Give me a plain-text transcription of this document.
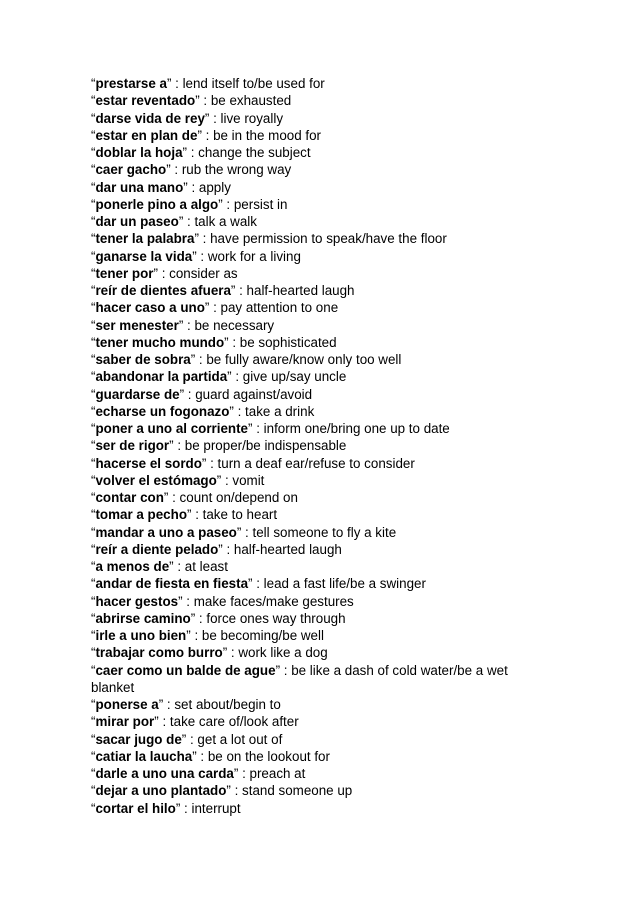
“prestarse a” : lend itself to/be used for

“estar reventado” : be exhausted

“darse vida de rey” : live royally

“estar en plan de” : be in the mood for

“doblar la hoja” : change the subject

“caer gacho” : rub the wrong way

“dar una mano” : apply

“ponerle pino a algo” : persist in

“dar un paseo” : talk a walk

“tener la palabra” : have permission to speak/have the floor

“ganarse la vida” : work for a living

“tener por” : consider as

“reír de dientes afuera” : half-hearted laugh

“hacer caso a uno” : pay attention to one

“ser menester” : be necessary

“tener mucho mundo” : be sophisticated

“saber de sobra” : be fully aware/know only too well

“abandonar la partida” : give up/say uncle

“guardarse de” : guard against/avoid

“echarse un fogonazo” : take a drink

“poner a uno al corriente” : inform one/bring one up to date

“ser de rigor” : be proper/be indispensable

“hacerse el sordo” : turn a deaf ear/refuse to consider

“volver el estómago” : vomit

“contar con” : count on/depend on

“tomar a pecho” : take to heart

“mandar a uno a paseo” : tell someone to fly a kite

“reír a diente pelado” : half-hearted laugh

“a menos de” : at least

“andar de fiesta en fiesta” : lead a fast life/be a swinger

“hacer gestos” : make faces/make gestures

“abrirse camino” : force ones way through

“irle a uno bien” : be becoming/be well

“trabajar como burro” : work like a dog

“caer como un balde de ague” : be like a dash of cold water/be a wet blanket

“ponerse a” : set about/begin to

“mirar por” : take care of/look after

“sacar jugo de” : get a lot out of

“catiar la laucha” : be on the lookout for

“darle a uno una carda” : preach at

“dejar a uno plantado” : stand someone up

“cortar el hilo” : interrupt
